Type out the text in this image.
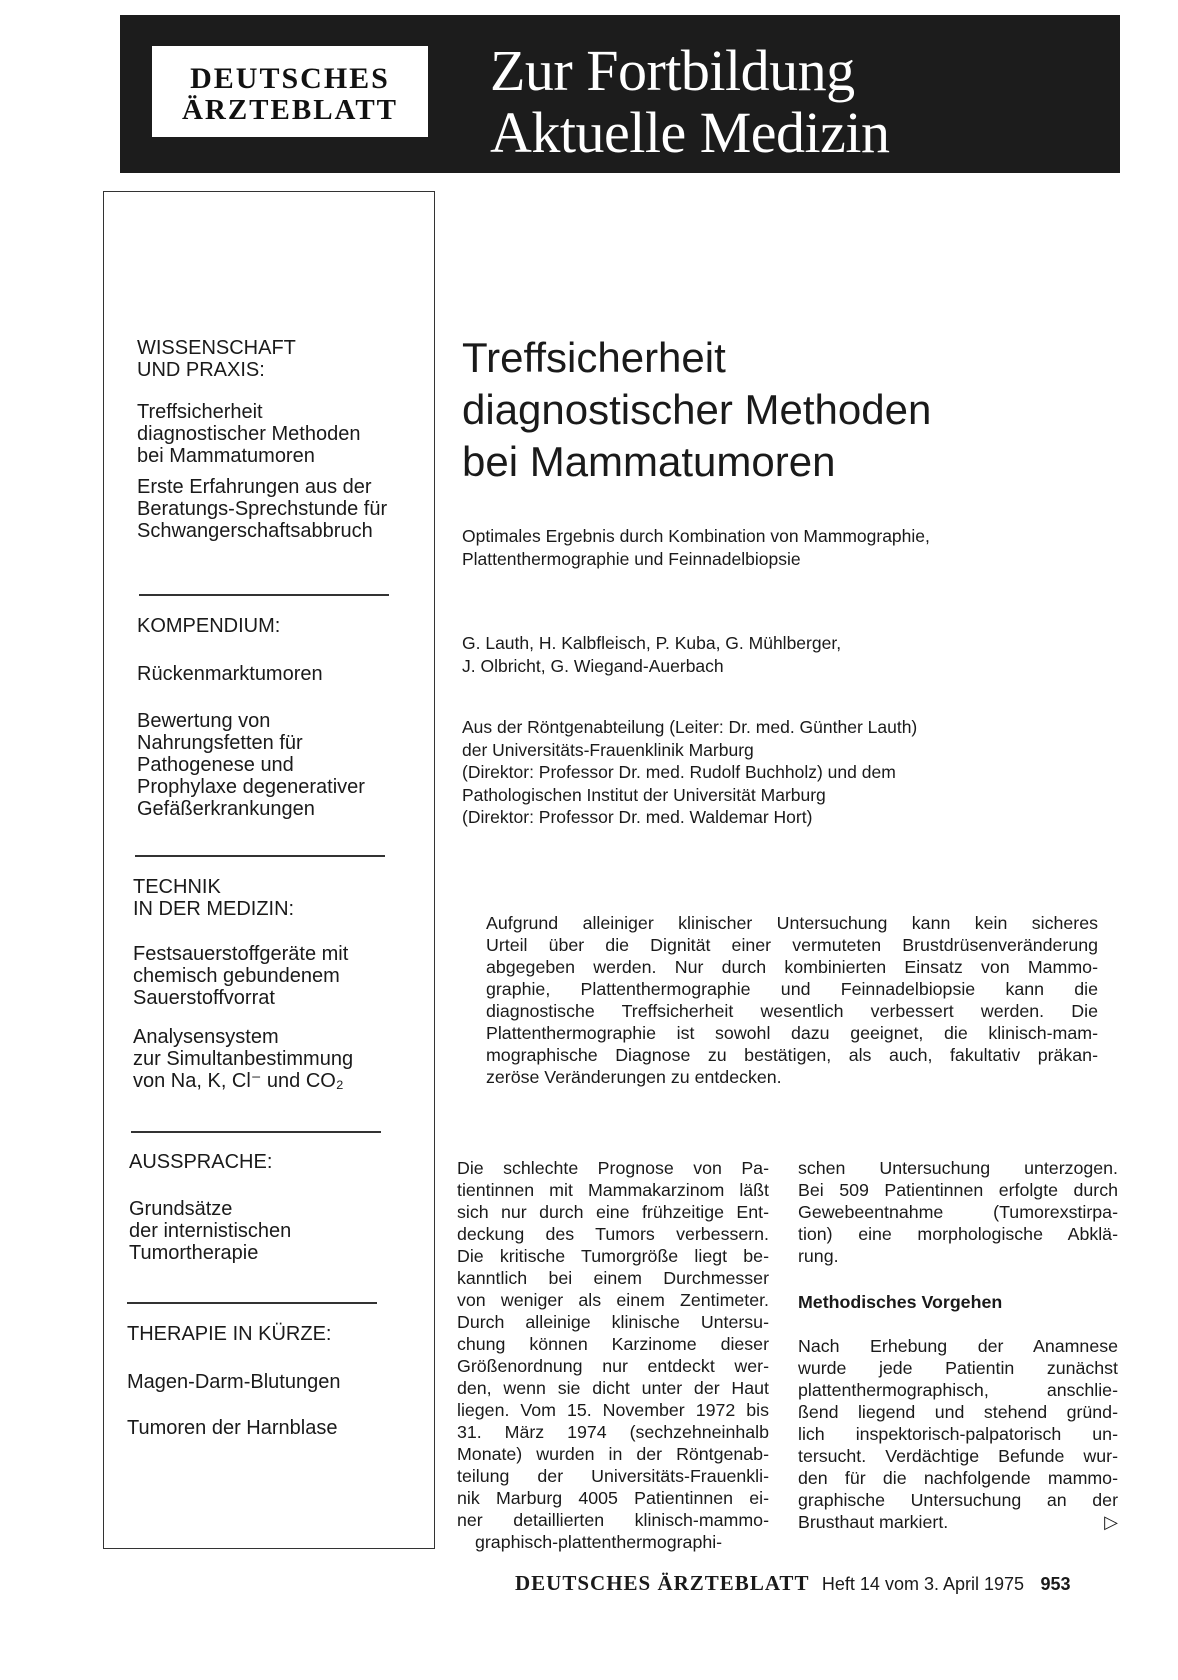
DEUTSCHES
ÄRZTEBLATT
Zur Fortbildung
Aktuelle Medizin
WISSENSCHAFT
UND PRAXIS:
Treffsicherheit
diagnostischer Methoden
bei Mammatumoren
Erste Erfahrungen aus der
Beratungs-Sprechstunde für
Schwangerschaftsabbruch
KOMPENDIUM:
Rückenmarktumoren
Bewertung von
Nahrungsfetten für
Pathogenese und
Prophylaxe degenerativer
Gefäßerkrankungen
TECHNIK
IN DER MEDIZIN:
Festsauerstoffgeräte mit
chemisch gebundenem
Sauerstoffvorrat
Analysensystem
zur Simultanbestimmung
von Na, K, Cl⁻ und CO₂
AUSSPRACHE:
Grundsätze
der internistischen
Tumortherapie
THERAPIE IN KÜRZE:
Magen-Darm-Blutungen
Tumoren der Harnblase
Treffsicherheit
diagnostischer Methoden
bei Mammatumoren
Optimales Ergebnis durch Kombination von Mammographie,
Plattenthermographie und Feinnadelbiopsie
G. Lauth, H. Kalbfleisch, P. Kuba, G. Mühlberger,
J. Olbricht, G. Wiegand-Auerbach
Aus der Röntgenabteilung (Leiter: Dr. med. Günther Lauth)
der Universitäts-Frauenklinik Marburg
(Direktor: Professor Dr. med. Rudolf Buchholz) und dem
Pathologischen Institut der Universität Marburg
(Direktor: Professor Dr. med. Waldemar Hort)
Aufgrund alleiniger klinischer Untersuchung kann kein sicheres
Urteil über die Dignität einer vermuteten Brustdrüsenveränderung
abgegeben werden. Nur durch kombinierten Einsatz von Mammo-
graphie, Plattenthermographie und Feinnadelbiopsie kann die
diagnostische Treffsicherheit wesentlich verbessert werden. Die
Plattenthermographie ist sowohl dazu geeignet, die klinisch-mam-
mographische Diagnose zu bestätigen, als auch, fakultativ präkan-
zeröse Veränderungen zu entdecken.
Die schlechte Prognose von Pa-
tientinnen mit Mammakarzinom läßt
sich nur durch eine frühzeitige Ent-
deckung des Tumors verbessern.
Die kritische Tumorgröße liegt be-
kanntlich bei einem Durchmesser
von weniger als einem Zentimeter.
Durch alleinige klinische Untersu-
chung können Karzinome dieser
Größenordnung nur entdeckt wer-
den, wenn sie dicht unter der Haut
liegen. Vom 15. November 1972 bis
31. März 1974 (sechzehneinhalb
Monate) wurden in der Röntgenab-
teilung der Universitäts-Frauenkli-
nik Marburg 4005 Patientinnen ei-
ner detaillierten klinisch-mammo-
graphisch-plattenthermographi-
schen Untersuchung unterzogen.
Bei 509 Patientinnen erfolgte durch
Gewebeentnahme (Tumorexstirpa-
tion) eine morphologische Abklä-
rung.
Methodisches Vorgehen
Nach Erhebung der Anamnese
wurde jede Patientin zunächst
plattenthermographisch, anschlie-
ßend liegend und stehend gründ-
lich inspektorisch-palpatorisch un-
tersucht. Verdächtige Befunde wur-
den für die nachfolgende mammo-
graphische Untersuchung an der
Brusthaut markiert.	▷
DEUTSCHES ÄRZTEBLATT Heft 14 vom 3. April 1975 953
